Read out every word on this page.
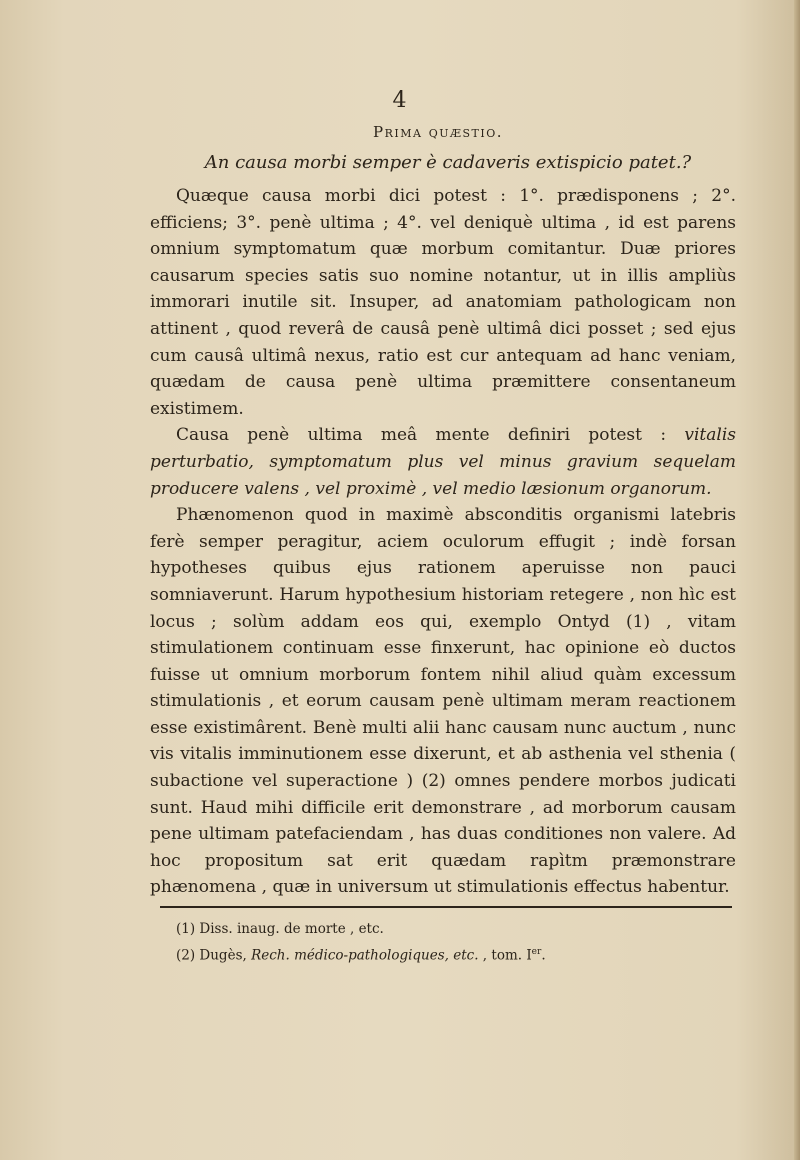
4
Prima quæstio.
An causa morbi semper è cadaveris extispicio patet.?

Quæque causa morbi dici potest : 1°. prædisponens ; 2°. efficiens; 3°. penè ultima ; 4°. vel deniquè ultima , id est parens omnium symptomatum quæ morbum comitantur. Duæ priores causarum species satis suo nomine notantur, ut in illis ampliùs immorari inutile sit. Insuper, ad anatomiam pathologicam non attinent , quod reverâ de causâ penè ultimâ dici posset ; sed ejus cum causâ ultimâ nexus, ratio est cur antequam ad hanc veniam, quædam de causa penè ultima præmittere consentaneum existimem.

Causa penè ultima meâ mente definiri potest : vitalis perturbatio, symptomatum plus vel minus gravium sequelam producere valens , vel proximè , vel medio læsionum organorum.

Phænomenon quod in maximè absconditis organismi latebris ferè semper peragitur, aciem oculorum effugit ; indè forsan hypotheses quibus ejus rationem aperuisse non pauci somniaverunt. Harum hypothesium historiam retegere , non hìc est locus ; solùm addam eos qui, exemplo Ontyd (1) , vitam stimulationem continuam esse finxerunt, hac opinione eò ductos fuisse ut omnium morborum fontem nihil aliud quàm excessum stimulationis , et eorum causam penè ultimam meram reactionem esse existimârent. Benè multi alii hanc causam nunc auctum , nunc vis vitalis imminutionem esse dixerunt, et ab asthenia vel sthenia ( subactione vel superactione ) (2) omnes pendere morbos judicati sunt. Haud mihi difficile erit demonstrare , ad morborum causam pene ultimam patefaciendam , has duas conditiones non valere. Ad hoc propositum sat erit quædam rapìtm præmonstrare phænomena , quæ in universum ut stimulationis effectus habentur.

(1) Diss. inaug. de morte , etc.
(2) Dugès, Rech. médico-pathologiques, etc. , tom. Ier.
